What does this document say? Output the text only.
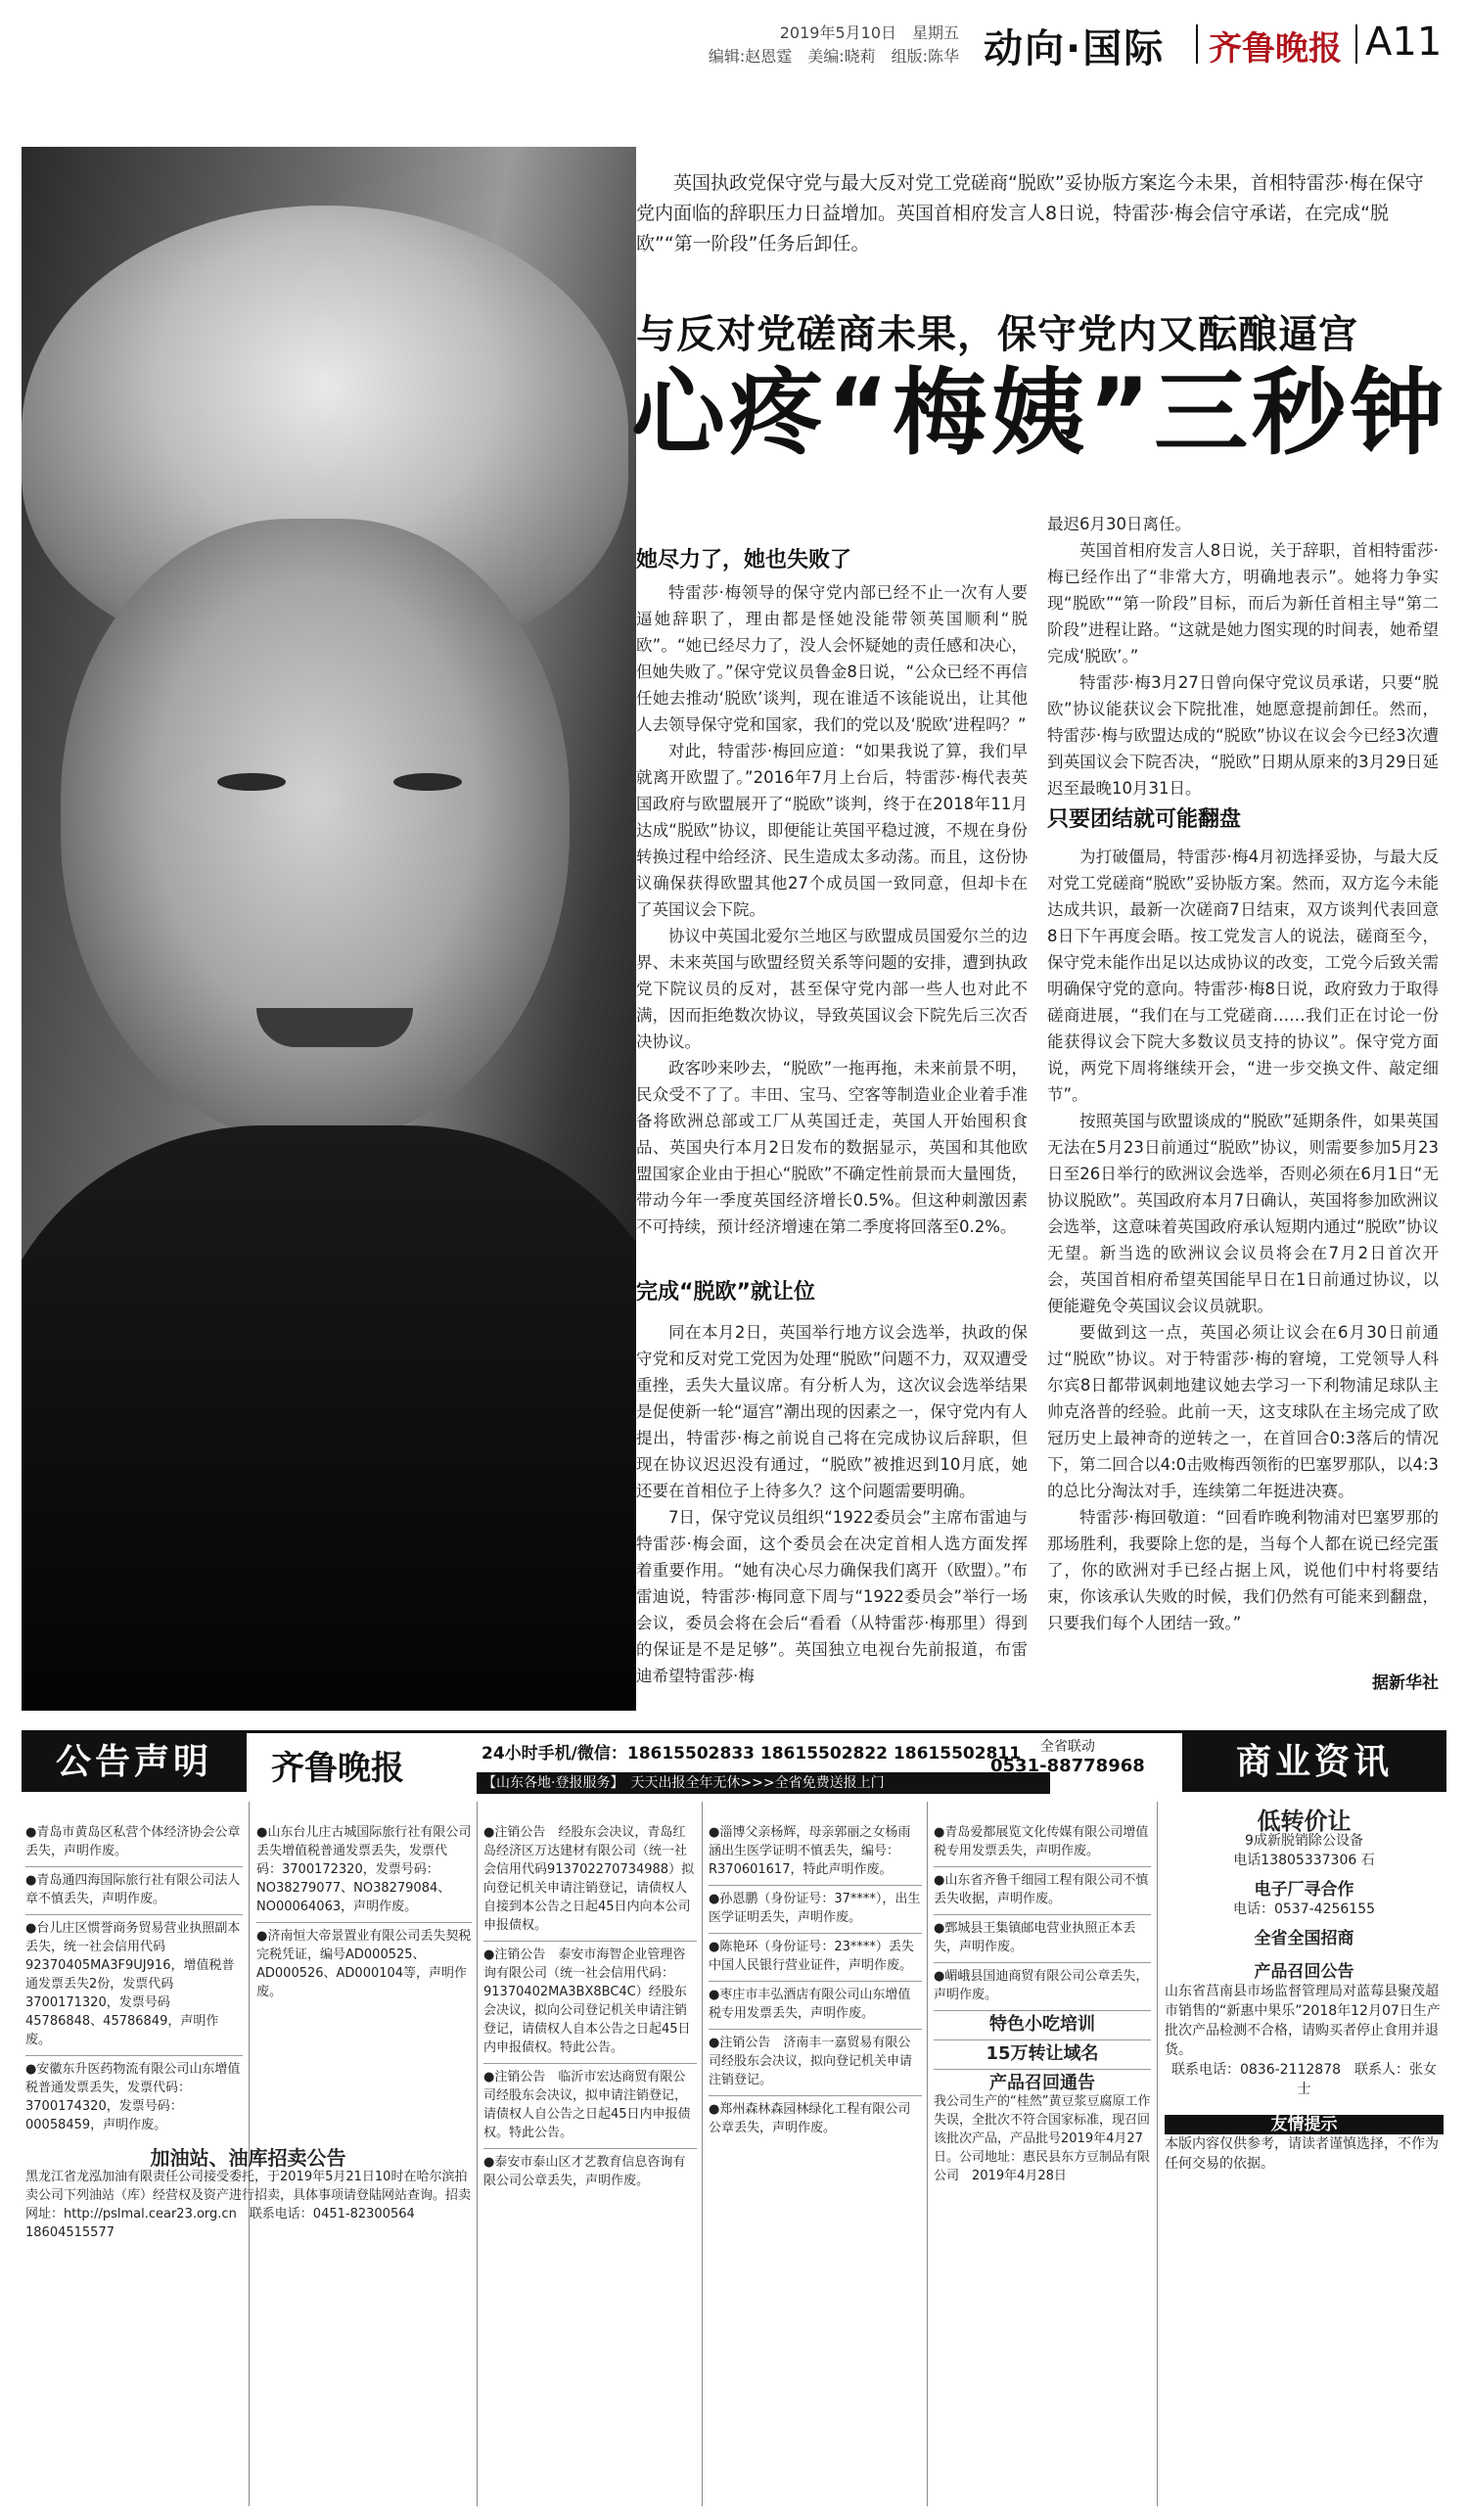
2019年5月10日　星期五
编辑:赵恩霆　美编:晓莉　组版:陈华 动向·国际 齐鲁晚报 A11
英国执政党保守党与最大反对党工党磋商“脱欧”妥协版方案迄今未果，首相特雷莎·梅在保守党内面临的辞职压力日益增加。英国首相府发言人8日说，特雷莎·梅会信守承诺，在完成“脱欧”“第一阶段”任务后卸任。
与反对党磋商未果，保守党内又酝酿逼宫
心疼“梅姨”三秒钟
她尽力了，她也失败了

特雷莎·梅领导的保守党内部已经不止一次有人要逼她辞职了，理由都是怪她没能带领英国顺利“脱欧”。“她已经尽力了，没人会怀疑她的责任感和决心，但她失败了。”保守党议员鲁金8日说，“公众已经不再信任她去推动‘脱欧’谈判，现在谁适不该能说出，让其他人去领导保守党和国家，我们的党以及‘脱欧’进程吗？”

对此，特雷莎·梅回应道：“如果我说了算，我们早就离开欧盟了。”2016年7月上台后，特雷莎·梅代表英国政府与欧盟展开了“脱欧”谈判，终于在2018年11月达成“脱欧”协议，即便能让英国平稳过渡，不规在身份转换过程中给经济、民生造成太多动荡。而且，这份协议确保获得欧盟其他27个成员国一致同意，但却卡在了英国议会下院。

协议中英国北爱尔兰地区与欧盟成员国爱尔兰的边界、未来英国与欧盟经贸关系等问题的安排，遭到执政党下院议员的反对，甚至保守党内部一些人也对此不满，因而拒绝数次协议，导致英国议会下院先后三次否决协议。

政客吵来吵去，“脱欧”一拖再拖，未来前景不明，民众受不了了。丰田、宝马、空客等制造业企业着手准备将欧洲总部或工厂从英国迁走，英国人开始囤积食品、英国央行本月2日发布的数据显示，英国和其他欧盟国家企业由于担心“脱欧”不确定性前景而大量囤货，带动今年一季度英国经济增长0.5%。但这种刺激因素不可持续，预计经济增速在第二季度将回落至0.2%。

完成“脱欧”就让位

同在本月2日，英国举行地方议会选举，执政的保守党和反对党工党因为处理“脱欧”问题不力，双双遭受重挫，丢失大量议席。有分析人为，这次议会选举结果是促使新一轮“逼宫”潮出现的因素之一，保守党内有人提出，特雷莎·梅之前说自己将在完成协议后辞职，但现在协议迟迟没有通过，“脱欧”被推迟到10月底，她还要在首相位子上待多久？这个问题需要明确。

7日，保守党议员组织“1922委员会”主席布雷迪与特雷莎·梅会面，这个委员会在决定首相人选方面发挥着重要作用。“她有决心尽力确保我们离开（欧盟）。”布雷迪说，特雷莎·梅同意下周与“1922委员会”举行一场会议，委员会将在会后“看看（从特雷莎·梅那里）得到的保证是不是足够”。英国独立电视台先前报道，布雷迪希望特雷莎·梅

最迟6月30日离任。

英国首相府发言人8日说，关于辞职，首相特雷莎·梅已经作出了“非常大方，明确地表示”。她将力争实现“脱欧”“第一阶段”目标，而后为新任首相主导“第二阶段”进程让路。“这就是她力图实现的时间表，她希望完成‘脱欧’。”

特雷莎·梅3月27日曾向保守党议员承诺，只要“脱欧”协议能获议会下院批准，她愿意提前卸任。然而，特雷莎·梅与欧盟达成的“脱欧”协议在议会今已经3次遭到英国议会下院否决，“脱欧”日期从原来的3月29日延迟至最晚10月31日。

只要团结就可能翻盘

为打破僵局，特雷莎·梅4月初选择妥协，与最大反对党工党磋商“脱欧”妥协版方案。然而，双方迄今未能达成共识，最新一次磋商7日结束，双方谈判代表回意8日下午再度会晤。按工党发言人的说法，磋商至今，保守党未能作出足以达成协议的改变，工党今后致关需明确保守党的意向。特雷莎·梅8日说，政府致力于取得磋商进展，“我们在与工党磋商……我们正在讨论一份能获得议会下院大多数议员支持的协议”。保守党方面说，两党下周将继续开会，“进一步交换文件、敲定细节”。

按照英国与欧盟谈成的“脱欧”延期条件，如果英国无法在5月23日前通过“脱欧”协议，则需要参加5月23日至26日举行的欧洲议会选举，否则必须在6月1日“无协议脱欧”。英国政府本月7日确认，英国将参加欧洲议会选举，这意味着英国政府承认短期内通过“脱欧”协议无望。新当选的欧洲议会议员将会在7月2日首次开会，英国首相府希望英国能早日在1日前通过协议，以便能避免令英国议会议员就职。

要做到这一点，英国必须让议会在6月30日前通过“脱欧”协议。对于特雷莎·梅的窘境，工党领导人科尔宾8日都带讽刺地建议她去学习一下利物浦足球队主帅克洛普的经验。此前一天，这支球队在主场完成了欧冠历史上最神奇的逆转之一，在首回合0:3落后的情况下，第二回合以4:0击败梅西领衔的巴塞罗那队，以4:3的总比分淘汰对手，连续第二年挺进决赛。

特雷莎·梅回敬道：“回看昨晚利物浦对巴塞罗那的那场胜利，我要除上您的是，当每个人都在说已经完蛋了，你的欧洲对手已经占据上风，说他们中村将要结束，你该承认失败的时候，我们仍然有可能来到翻盘，只要我们每个人团结一致。”

据新华社
公告声明	齐鲁晚报	24小时手机/微信：18615502833 18615502822 18615502811
【山东各地·登报服务】　天天出报全年无休>>>全省免费送报上门
全省联动
0531-88778968	商业资讯
●青岛市黄岛区私营个体经济协会公章丢失，声明作废。
●青岛通四海国际旅行社有限公司法人章不慎丢失，声明作废。
●台儿庄区惯誉商务贸易营业执照副本丢失，统一社会信用代码92370405MA3F9UJ916，增值税普通发票丢失2份，发票代码3700171320，发票号码45786848、45786849，声明作废。
●安徽东升医药物流有限公司山东增值税普通发票丢失，发票代码：3700174320，发票号码：00058459，声明作废。
加油站、油库招卖公告
黑龙江省龙泓加油有限责任公司接受委托，于2019年5月21日10时在哈尔滨拍卖公司下列油站（库）经营权及资产进行招卖，具体事项请登陆网站查询。招卖网址：http://pslmal.cear23.org.cn　联系电话：0451-82300564　18604515577
●山东台儿庄古城国际旅行社有限公司丢失增值税普通发票丢失，发票代码：3700172320，发票号码：NO38279077、NO38279084、NO00064063，声明作废。
●济南恒大帝景置业有限公司丢失契税完税凭证，编号AD000525、AD000526、AD000104等，声明作废。
●注销公告　经股东会决议，青岛红岛经济区万达建材有限公司（统一社会信用代码913702270734988）拟向登记机关申请注销登记，请债权人自接到本公告之日起45日内向本公司申报债权。
●注销公告　泰安市海智企业管理咨询有限公司（统一社会信用代码：91370402MA3BX8BC4C）经股东会决议，拟向公司登记机关申请注销登记，请债权人自本公告之日起45日内申报债权。特此公告。
●注销公告　临沂市宏达商贸有限公司经股东会决议，拟申请注销登记，请债权人自公告之日起45日内申报债权。特此公告。
●泰安市泰山区才艺教育信息咨询有限公司公章丢失，声明作废。
●淄博父亲杨辉，母亲郭丽之女杨雨涵出生医学证明不慎丢失，编号：R370601617，特此声明作废。
●孙恩鹏（身份证号：37****），出生医学证明丢失，声明作废。
●陈艳环（身份证号：23****）丢失中国人民银行营业证件，声明作废。
●枣庄市丰弘酒店有限公司山东增值税专用发票丢失，声明作废。
●注销公告　济南丰一嘉贸易有限公司经股东会决议，拟向登记机关申请注销登记。
●郑州森林森园林绿化工程有限公司公章丢失，声明作废。
●青岛爱都展览文化传媒有限公司增值税专用发票丢失，声明作废。
●山东省齐鲁千细园工程有限公司不慎丢失收据，声明作废。
●鄄城县王集镇邮电营业执照正本丢失，声明作废。
●嵋峨县国迪商贸有限公司公章丢失，声明作废。
特色小吃培训
15万转让域名
产品召回通告
我公司生产的“桂然”黄豆浆豆腐原工作失误，全批次不符合国家标准，现召回该批次产品，产品批号2019年4月27日。公司地址：惠民县东方豆制品有限公司　2019年4月28日
低转价让
9成新脱销除公设备
电话13805337306 石
电子厂寻合作
电话：0537-4256155
全省全国招商
产品召回公告
山东省莒南县市场监督管理局对蓝莓县聚茂超市销售的“新惠中果乐”2018年12月07日生产批次产品检测不合格，请购买者停止食用并退货。
联系电话：0836-2112878　联系人：张女士
友情提示
本版内容仅供参考，请读者谨慎选择，不作为任何交易的依据。
